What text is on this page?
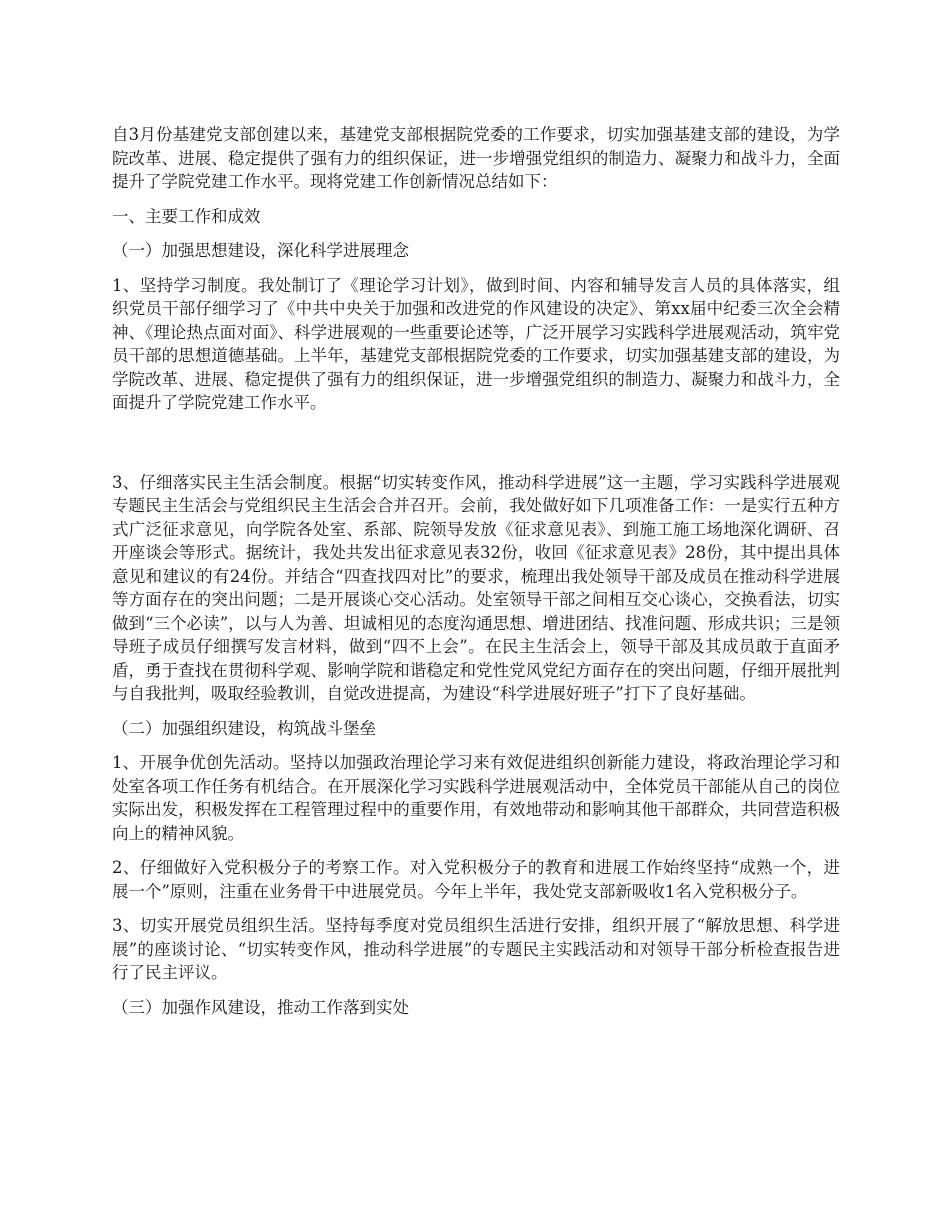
自3月份基建党支部创建以来，基建党支部根据院党委的工作要求，切实加强基建支部的建设，为学院改革、进展、稳定提供了强有力的组织保证，进一步增强党组织的制造力、凝聚力和战斗力，全面提升了学院党建工作水平。现将党建工作创新情况总结如下：

一、主要工作和成效

（一）加强思想建设，深化科学进展理念

1、坚持学习制度。我处制订了《理论学习计划》，做到时间、内容和辅导发言人员的具体落实，组织党员干部仔细学习了《中共中央关于加强和改进党的作风建设的决定》、第xx届中纪委三次全会精神、《理论热点面对面》、科学进展观的一些重要论述等，广泛开展学习实践科学进展观活动，筑牢党员干部的思想道德基础。上半年，基建党支部根据院党委的工作要求，切实加强基建支部的建设，为学院改革、进展、稳定提供了强有力的组织保证，进一步增强党组织的制造力、凝聚力和战斗力，全面提升了学院党建工作水平。

3、仔细落实民主生活会制度。根据“切实转变作风，推动科学进展”这一主题，学习实践科学进展观专题民主生活会与党组织民主生活会合并召开。会前，我处做好如下几项准备工作：一是实行五种方式广泛征求意见，向学院各处室、系部、院领导发放《征求意见表》、到施工施工场地深化调研、召开座谈会等形式。据统计，我处共发出征求意见表32份，收回《征求意见表》28份，其中提出具体意见和建议的有24份。并结合“四查找四对比”的要求，梳理出我处领导干部及成员在推动科学进展等方面存在的突出问题；二是开展谈心交心活动。处室领导干部之间相互交心谈心，交换看法，切实做到“三个必读”，以与人为善、坦诚相见的态度沟通思想、增进团结、找准问题、形成共识；三是领导班子成员仔细撰写发言材料，做到“四不上会”。在民主生活会上，领导干部及其成员敢于直面矛盾，勇于查找在贯彻科学观、影响学院和谐稳定和党性党风党纪方面存在的突出问题，仔细开展批判与自我批判，吸取经验教训，自觉改进提高，为建设“科学进展好班子”打下了良好基础。

（二）加强组织建设，构筑战斗堡垒

1、开展争优创先活动。坚持以加强政治理论学习来有效促进组织创新能力建设，将政治理论学习和处室各项工作任务有机结合。在开展深化学习实践科学进展观活动中，全体党员干部能从自己的岗位实际出发，积极发挥在工程管理过程中的重要作用，有效地带动和影响其他干部群众，共同营造积极向上的精神风貌。

2、仔细做好入党积极分子的考察工作。对入党积极分子的教育和进展工作始终坚持“成熟一个，进展一个”原则，注重在业务骨干中进展党员。今年上半年，我处党支部新吸收1名入党积极分子。

3、切实开展党员组织生活。坚持每季度对党员组织生活进行安排，组织开展了“解放思想、科学进展”的座谈讨论、“切实转变作风，推动科学进展”的专题民主实践活动和对领导干部分析检查报告进行了民主评议。

（三）加强作风建设，推动工作落到实处
